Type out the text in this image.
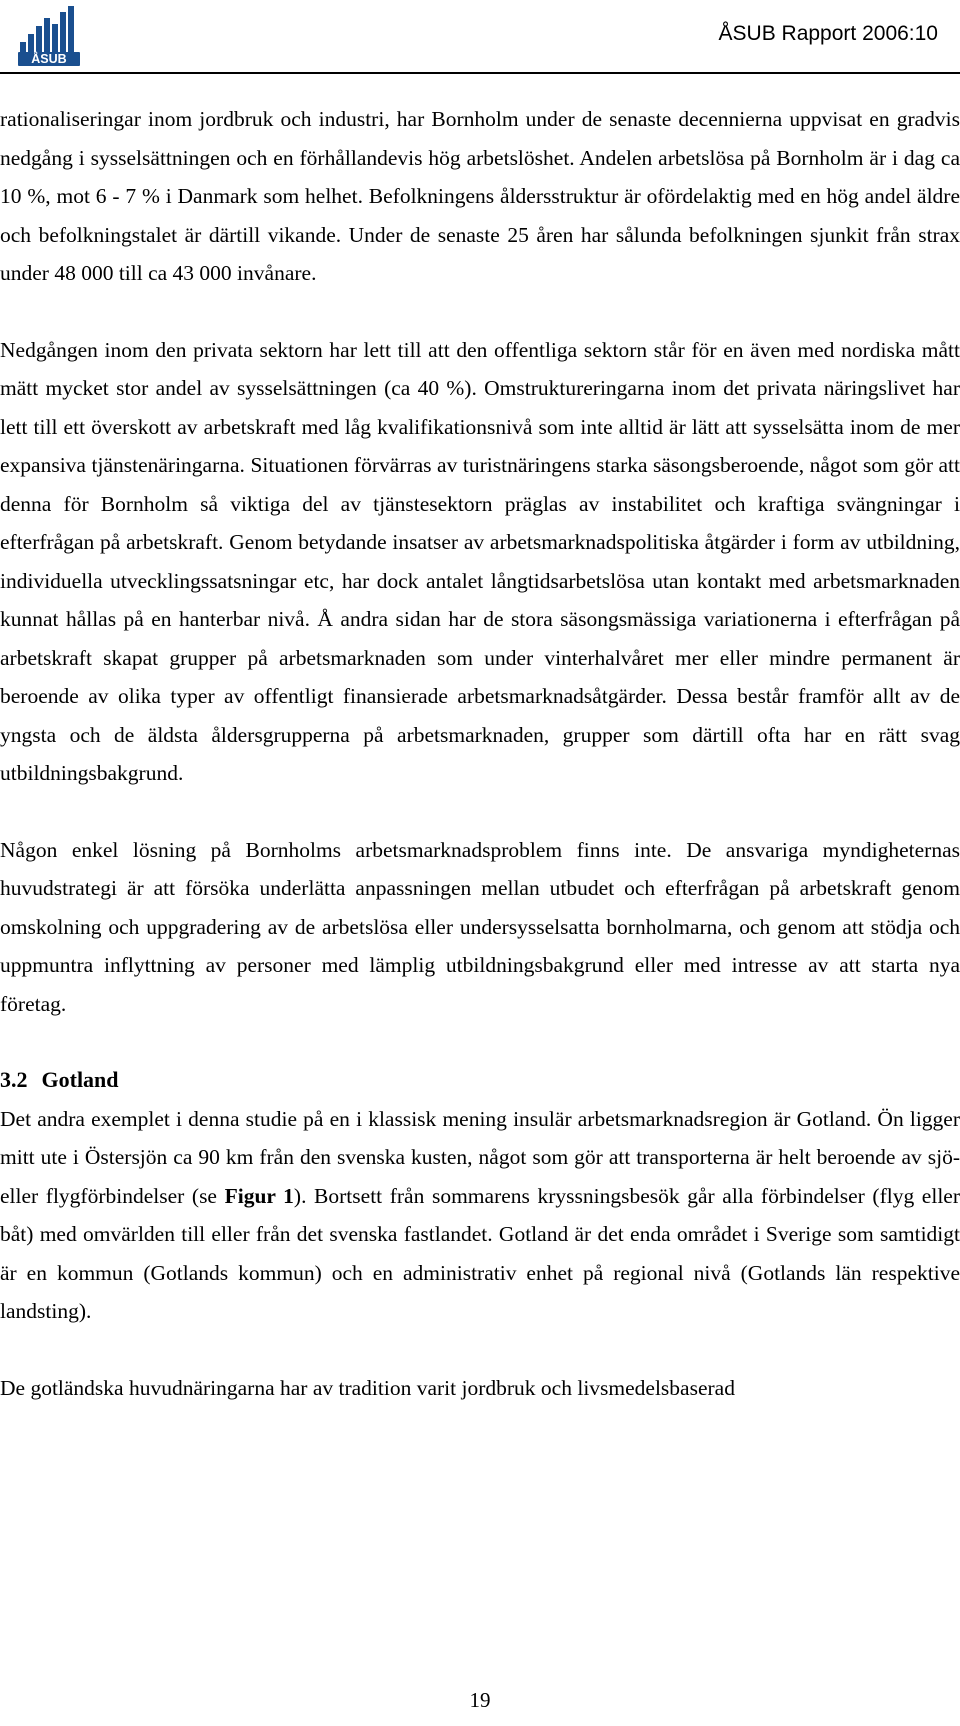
ÅSUB
ÅSUB Rapport 2006:10

rationaliseringar inom jordbruk och industri, har Bornholm under de senaste decennierna uppvisat en gradvis nedgång i sysselsättningen och en förhållandevis hög arbetslöshet. Andelen arbetslösa på Bornholm är i dag ca 10 %, mot 6 - 7 % i Danmark som helhet. Befolkningens åldersstruktur är ofördelaktig med en hög andel äldre och befolkningstalet är därtill vikande. Under de senaste 25 åren har sålunda befolkningen sjunkit från strax under 48 000 till ca 43 000 invånare.

Nedgången inom den privata sektorn har lett till att den offentliga sektorn står för en även med nordiska mått mätt mycket stor andel av sysselsättningen (ca 40 %). Omstruktureringarna inom det privata näringslivet har lett till ett överskott av arbetskraft med låg kvalifikationsnivå som inte alltid är lätt att sysselsätta inom de mer expansiva tjänstenäringarna. Situationen förvärras av turistnäringens starka säsongsberoende, något som gör att denna för Bornholm så viktiga del av tjänstesektorn präglas av instabilitet och kraftiga svängningar i efterfrågan på arbetskraft. Genom betydande insatser av arbetsmarknadspolitiska åtgärder i form av utbildning, individuella utvecklingssatsningar etc, har dock antalet långtidsarbetslösa utan kontakt med arbetsmarknaden kunnat hållas på en hanterbar nivå. Å andra sidan har de stora säsongsmässiga variationerna i efterfrågan på arbetskraft skapat grupper på arbetsmarknaden som under vinterhalvåret mer eller mindre permanent är beroende av olika typer av offentligt finansierade arbetsmarknadsåtgärder. Dessa består framför allt av de yngsta och de äldsta åldersgrupperna på arbetsmarknaden, grupper som därtill ofta har en rätt svag utbildningsbakgrund.

Någon enkel lösning på Bornholms arbetsmarknadsproblem finns inte. De ansvariga myndigheternas huvudstrategi är att försöka underlätta anpassningen mellan utbudet och efterfrågan på arbetskraft genom omskolning och uppgradering av de arbetslösa eller undersysselsatta bornholmarna, och genom att stödja och uppmuntra inflyttning av personer med lämplig utbildningsbakgrund eller med intresse av att starta nya företag.

3.2 Gotland

Det andra exemplet i denna studie på en i klassisk mening insulär arbetsmarknadsregion är Gotland. Ön ligger mitt ute i Östersjön ca 90 km från den svenska kusten, något som gör att transporterna är helt beroende av sjö- eller flygförbindelser (se Figur 1). Bortsett från sommarens kryssningsbesök går alla förbindelser (flyg eller båt) med omvärlden till eller från det svenska fastlandet. Gotland är det enda området i Sverige som samtidigt är en kommun (Gotlands kommun) och en administrativ enhet på regional nivå (Gotlands län respektive landsting).

De gotländska huvudnäringarna har av tradition varit jordbruk och livsmedelsbaserad

19
